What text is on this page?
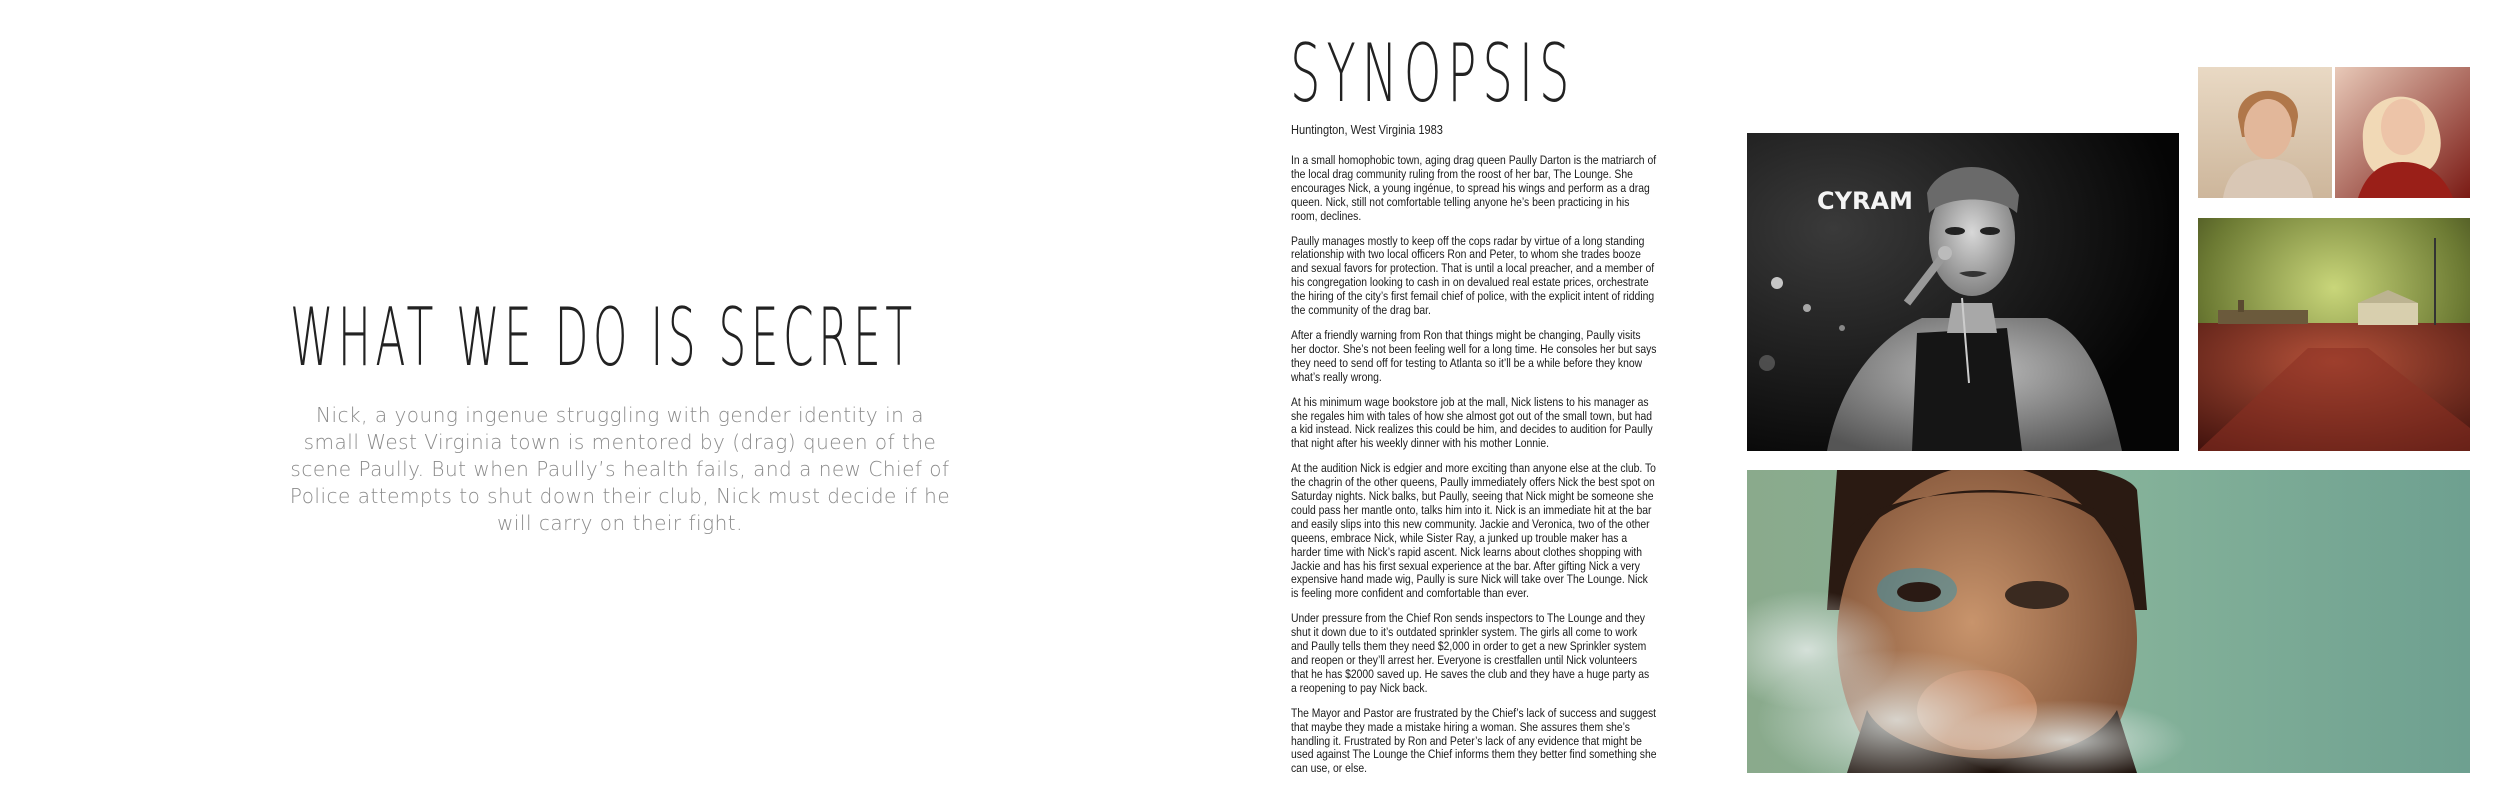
WHAT WE DO IS SECRET
Nick, a young ingenue struggling with gender identity in a small West Virginia town is mentored by (drag) queen of the scene Paully. But when Paully’s health fails, and a new Chief of Police attempts to shut down their club, Nick must decide if he will carry on their fight.
SYNOPSIS
Huntington, West Virginia 1983

In a small homophobic town, aging drag queen Paully Darton is the matriarch of the local drag community ruling from the roost of her bar, The Lounge. She encourages Nick, a young ingénue, to spread his wings and perform as a drag queen. Nick, still not comfortable telling anyone he’s been practicing in his room, declines.

Paully manages mostly to keep off the cops radar by virtue of a long standing relationship with two local officers Ron and Peter, to whom she trades booze and sexual favors for protection. That is until a local preacher, and a member of his congregation looking to cash in on devalued real estate prices, orchestrate the hiring of the city’s first femail chief of police, with the explicit intent of ridding the community of the drag bar.

After a friendly warning from Ron that things might be changing, Paully visits her doctor. She’s not been feeling well for a long time. He consoles her but says they need to send off for testing to Atlanta so it’ll be a while before they know what’s really wrong.

At his minimum wage bookstore job at the mall, Nick listens to his manager as she regales him with tales of how she almost got out of the small town, but had a kid instead. Nick realizes this could be him, and decides to audition for Paully that night after his weekly dinner with his mother Lonnie.

At the audition Nick is edgier and more exciting than anyone else at the club. To the chagrin of the other queens, Paully immediately offers Nick the best spot on Saturday nights. Nick balks, but Paully, seeing that Nick might be someone she could pass her mantle onto, talks him into it. Nick is an immediate hit at the bar and easily slips into this new community. Jackie and Veronica, two of the other queens, embrace Nick, while Sister Ray, a junked up trouble maker has a harder time with Nick’s rapid ascent. Nick learns about clothes shopping with Jackie and has his first sexual experience at the bar. After gifting Nick a very expensive hand made wig, Paully is sure Nick will take over The Lounge. Nick is feeling more confident and comfortable than ever.

Under pressure from the Chief Ron sends inspectors to The Lounge and they shut it down due to it’s outdated sprinkler system. The girls all come to work and Paully tells them they need $2,000 in order to get a new Sprinkler system and reopen or they’ll arrest her. Everyone is crestfallen until Nick volunteers that he has $2000 saved up. He saves the club and they have a huge party as a reopening to pay Nick back.

The Mayor and Pastor are frustrated by the Chief’s lack of success and suggest that maybe they made a mistake hiring a woman. She assures them she’s handling it. Frustrated by Ron and Peter’s lack of any evidence that might be used against The Lounge the Chief informs them they better find something she can use, or else.

CYRAM
